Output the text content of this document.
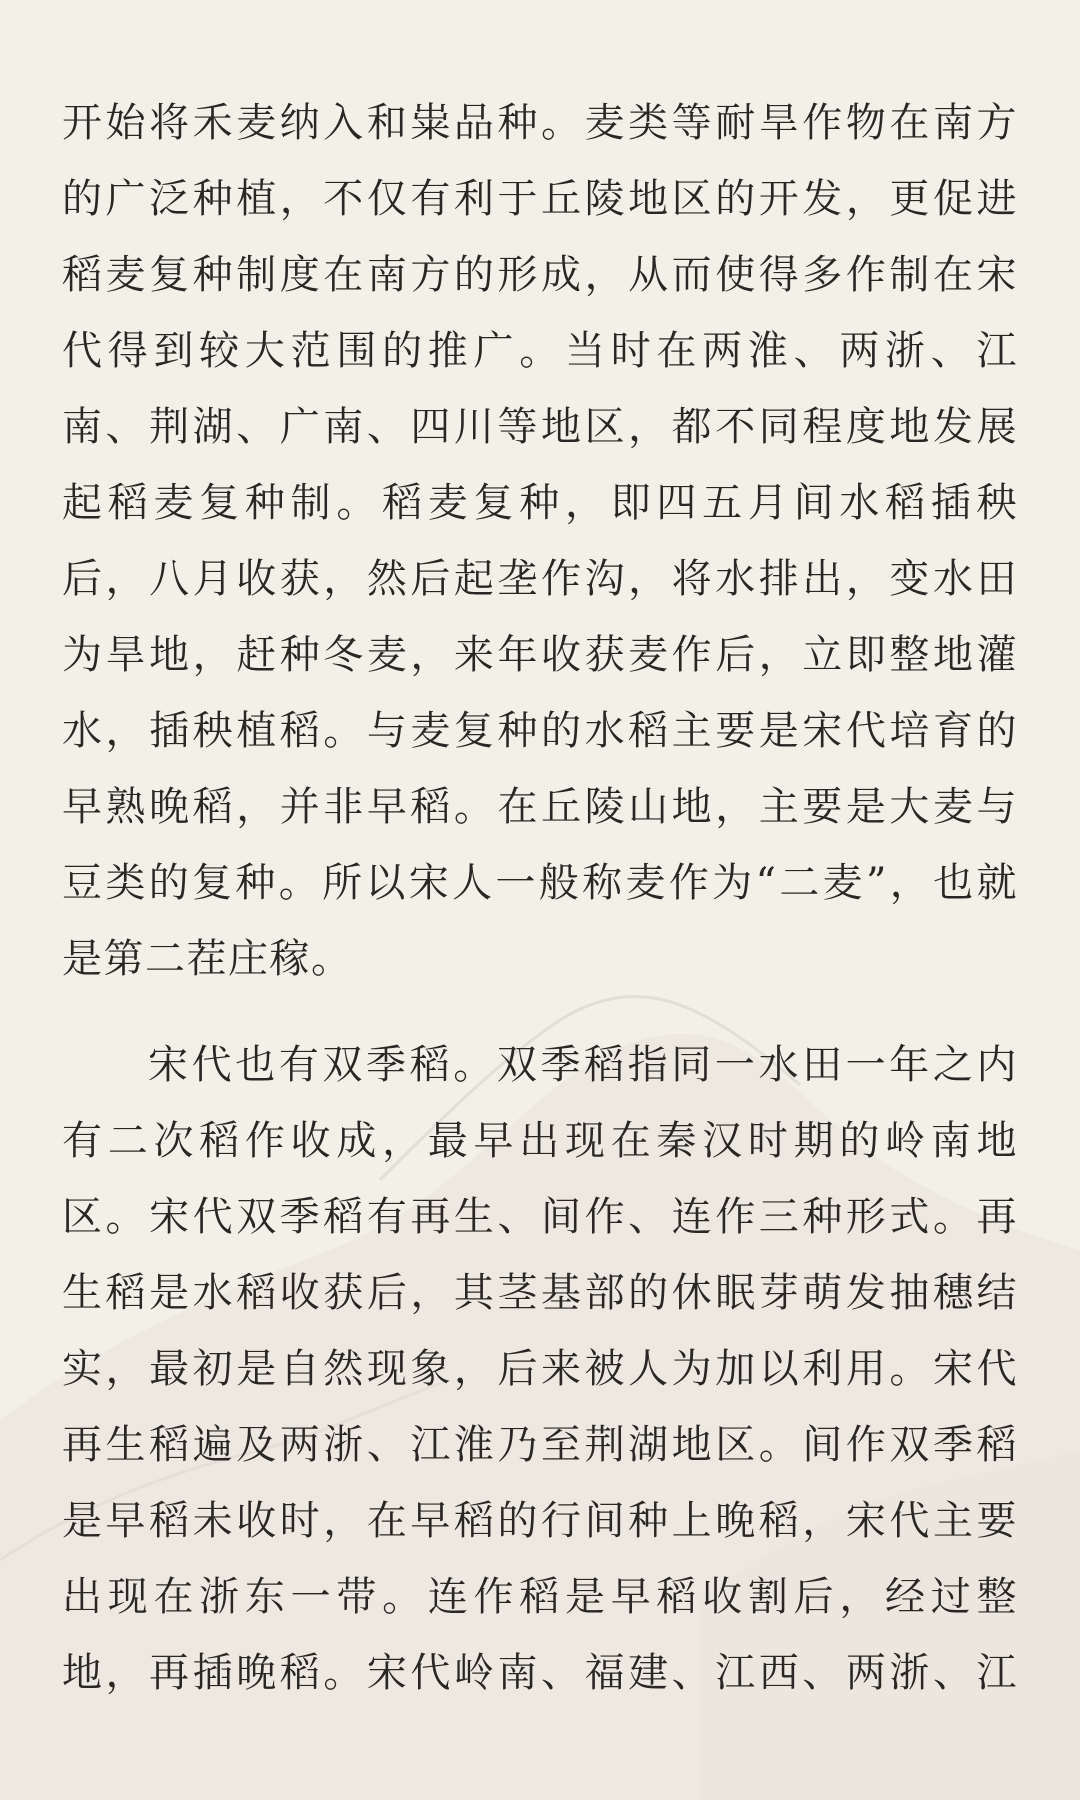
开始将禾麦纳入和粜品种。麦类等耐旱作物在南方
的广泛种植，不仅有利于丘陵地区的开发，更促进
稻麦复种制度在南方的形成，从而使得多作制在宋
代得到较大范围的推广。当时在两淮、两浙、江
南、荆湖、广南、四川等地区，都不同程度地发展
起稻麦复种制。稻麦复种，即四五月间水稻插秧
后，八月收获，然后起垄作沟，将水排出，变水田
为旱地，赶种冬麦，来年收获麦作后，立即整地灌
水，插秧植稻。与麦复种的水稻主要是宋代培育的
早熟晚稻，并非早稻。在丘陵山地，主要是大麦与
豆类的复种。所以宋人一般称麦作为“二麦”，也就
是第二茬庄稼。

宋代也有双季稻。双季稻指同一水田一年之内
有二次稻作收成，最早出现在秦汉时期的岭南地
区。宋代双季稻有再生、间作、连作三种形式。再
生稻是水稻收获后，其茎基部的休眠芽萌发抽穗结
实，最初是自然现象，后来被人为加以利用。宋代
再生稻遍及两浙、江淮乃至荆湖地区。间作双季稻
是早稻未收时，在早稻的行间种上晚稻，宋代主要
出现在浙东一带。连作稻是早稻收割后，经过整
地，再插晚稻。宋代岭南、福建、江西、两浙、江
